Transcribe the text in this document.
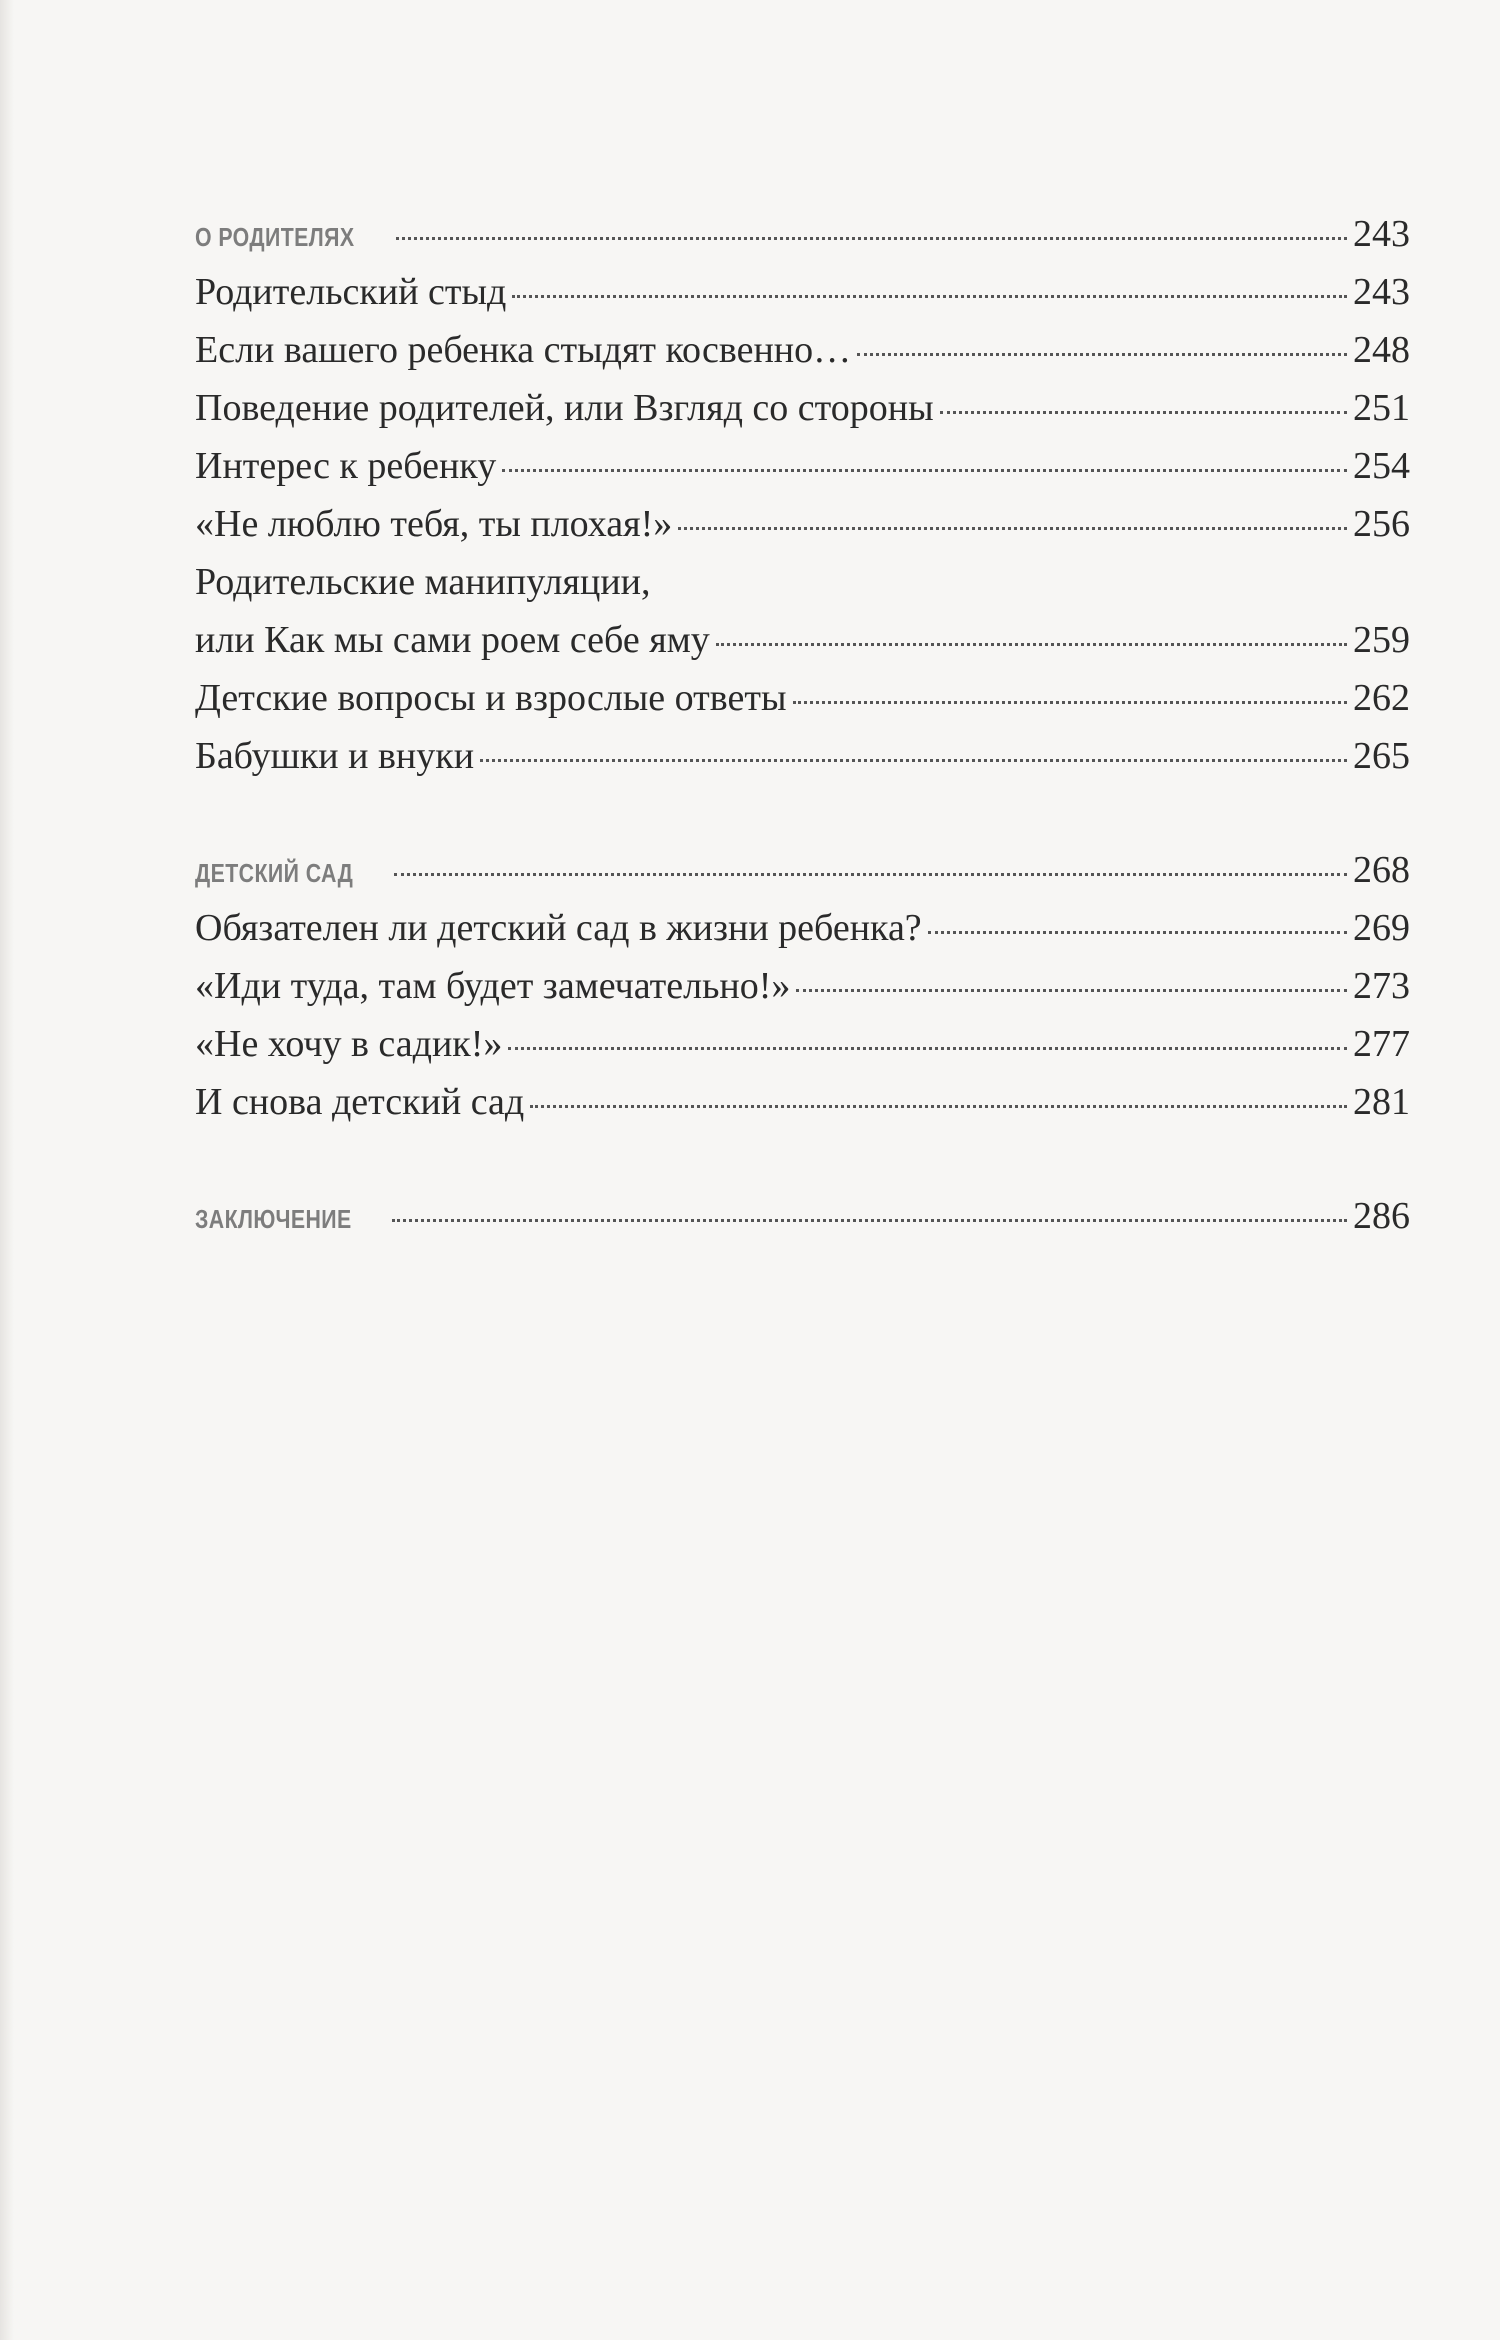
О РОДИТЕЛЯХ	243
Родительский стыд	243
Если вашего ребенка стыдят косвенно…	248
Поведение родителей, или Взгляд со стороны	251
Интерес к ребенку	254
«Не люблю тебя, ты плохая!»	256
Родительские манипуляции,
или Как мы сами роем себе яму	259
Детские вопросы и взрослые ответы	262
Бабушки и внуки	265
ДЕТСКИЙ САД	268
Обязателен ли детский сад в жизни ребенка?	269
«Иди туда, там будет замечательно!»	273
«Не хочу в садик!»	277
И снова детский сад	281
ЗАКЛЮЧЕНИЕ	286
